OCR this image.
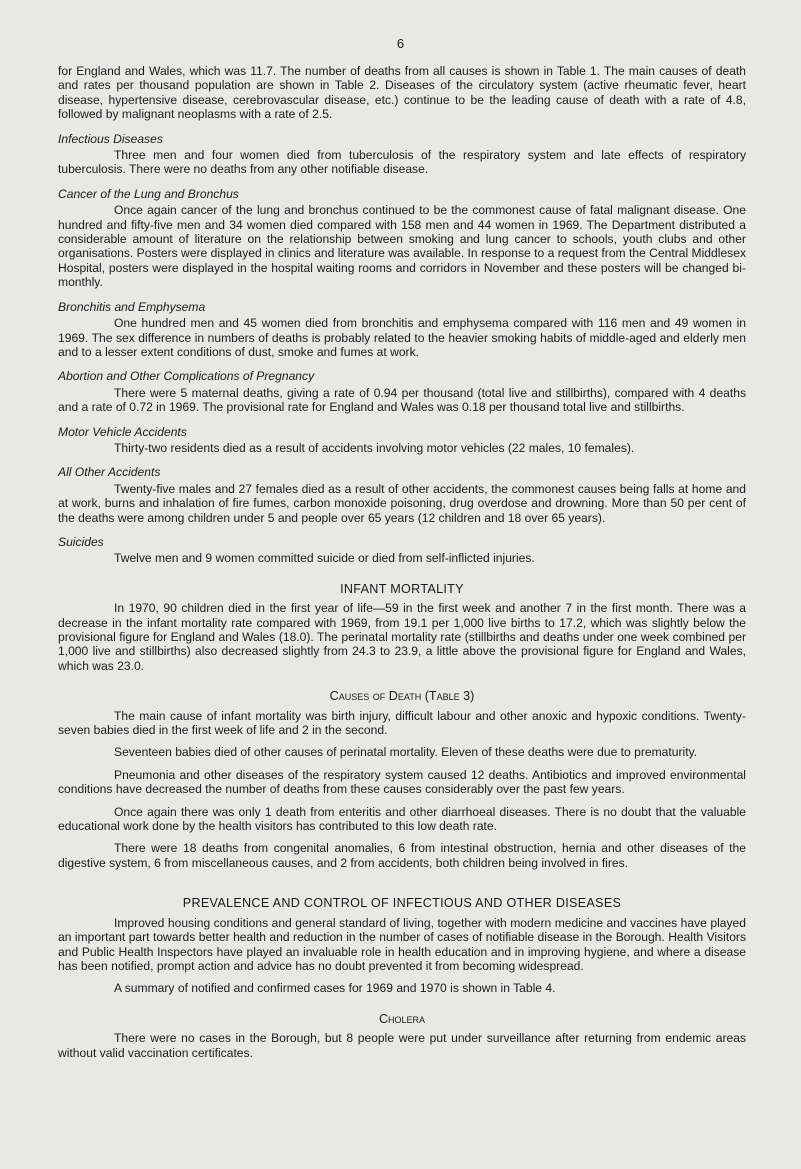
6

for England and Wales, which was 11.7. The number of deaths from all causes is shown in Table 1. The main causes of death and rates per thousand population are shown in Table 2. Diseases of the circulatory system (active rheumatic fever, heart disease, hypertensive disease, cerebrovascular disease, etc.) continue to be the leading cause of death with a rate of 4.8, followed by malignant neoplasms with a rate of 2.5.

Infectious Diseases

Three men and four women died from tuberculosis of the respiratory system and late effects of respiratory tuberculosis. There were no deaths from any other notifiable disease.

Cancer of the Lung and Bronchus

Once again cancer of the lung and bronchus continued to be the commonest cause of fatal malignant disease. One hundred and fifty-five men and 34 women died compared with 158 men and 44 women in 1969. The Department distributed a considerable amount of literature on the relationship between smoking and lung cancer to schools, youth clubs and other organisations. Posters were displayed in clinics and literature was available. In response to a request from the Central Middlesex Hospital, posters were displayed in the hospital waiting rooms and corridors in November and these posters will be changed bi-monthly.

Bronchitis and Emphysema

One hundred men and 45 women died from bronchitis and emphysema compared with 116 men and 49 women in 1969. The sex difference in numbers of deaths is probably related to the heavier smoking habits of middle-aged and elderly men and to a lesser extent conditions of dust, smoke and fumes at work.

Abortion and Other Complications of Pregnancy

There were 5 maternal deaths, giving a rate of 0.94 per thousand (total live and stillbirths), compared with 4 deaths and a rate of 0.72 in 1969. The provisional rate for England and Wales was 0.18 per thousand total live and stillbirths.

Motor Vehicle Accidents

Thirty-two residents died as a result of accidents involving motor vehicles (22 males, 10 females).

All Other Accidents

Twenty-five males and 27 females died as a result of other accidents, the commonest causes being falls at home and at work, burns and inhalation of fire fumes, carbon monoxide poisoning, drug overdose and drowning. More than 50 per cent of the deaths were among children under 5 and people over 65 years (12 children and 18 over 65 years).

Suicides

Twelve men and 9 women committed suicide or died from self-inflicted injuries.

INFANT MORTALITY

In 1970, 90 children died in the first year of life—59 in the first week and another 7 in the first month. There was a decrease in the infant mortality rate compared with 1969, from 19.1 per 1,000 live births to 17.2, which was slightly below the provisional figure for England and Wales (18.0). The perinatal mortality rate (stillbirths and deaths under one week combined per 1,000 live and stillbirths) also decreased slightly from 24.3 to 23.9, a little above the provisional figure for England and Wales, which was 23.0.

Causes of Death (Table 3)

The main cause of infant mortality was birth injury, difficult labour and other anoxic and hypoxic conditions. Twenty-seven babies died in the first week of life and 2 in the second.

Seventeen babies died of other causes of perinatal mortality. Eleven of these deaths were due to prematurity.

Pneumonia and other diseases of the respiratory system caused 12 deaths. Antibiotics and improved environmental conditions have decreased the number of deaths from these causes considerably over the past few years.

Once again there was only 1 death from enteritis and other diarrhoeal diseases. There is no doubt that the valuable educational work done by the health visitors has contributed to this low death rate.

There were 18 deaths from congenital anomalies, 6 from intestinal obstruction, hernia and other diseases of the digestive system, 6 from miscellaneous causes, and 2 from accidents, both children being involved in fires.

PREVALENCE AND CONTROL OF INFECTIOUS AND OTHER DISEASES

Improved housing conditions and general standard of living, together with modern medicine and vaccines have played an important part towards better health and reduction in the number of cases of notifiable disease in the Borough. Health Visitors and Public Health Inspectors have played an invaluable role in health education and in improving hygiene, and where a disease has been notified, prompt action and advice has no doubt prevented it from becoming widespread.

A summary of notified and confirmed cases for 1969 and 1970 is shown in Table 4.

Cholera

There were no cases in the Borough, but 8 people were put under surveillance after returning from endemic areas without valid vaccination certificates.
